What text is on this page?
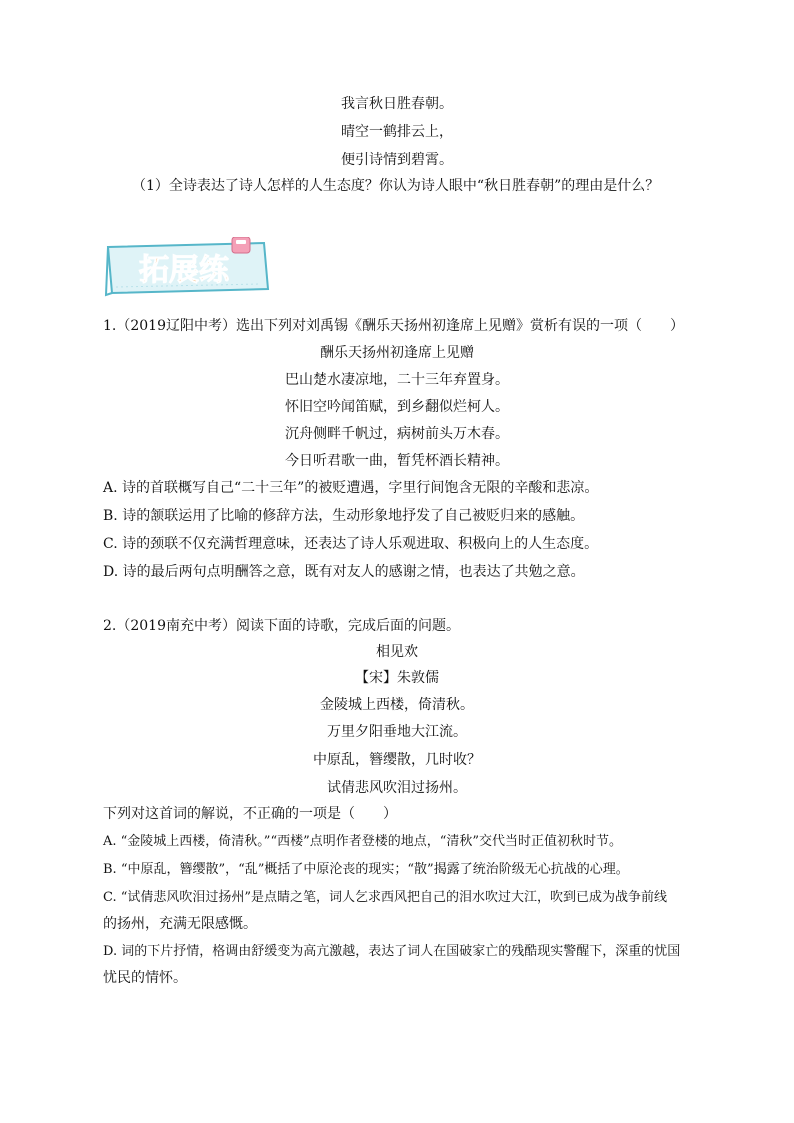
我言秋日胜春朝。
晴空一鹤排云上，
便引诗情到碧霄。
（1）全诗表达了诗人怎样的人生态度？你认为诗人眼中“秋日胜春朝”的理由是什么？
拓展练
1.（2019辽阳中考）选出下列对刘禹锡《酬乐天扬州初逢席上见赠》赏析有误的一项（　　）
酬乐天扬州初逢席上见赠
巴山楚水凄凉地，二十三年弃置身。
怀旧空吟闻笛赋，到乡翻似烂柯人。
沉舟侧畔千帆过，病树前头万木春。
今日听君歌一曲，暂凭杯酒长精神。
A. 诗的首联概写自己“二十三年”的被贬遭遇，字里行间饱含无限的辛酸和悲凉。
B. 诗的颔联运用了比喻的修辞方法，生动形象地抒发了自己被贬归来的感触。
C. 诗的颈联不仅充满哲理意味，还表达了诗人乐观进取、积极向上的人生态度。
D. 诗的最后两句点明酬答之意，既有对友人的感谢之情，也表达了共勉之意。
2.（2019南充中考）阅读下面的诗歌，完成后面的问题。
相见欢
【宋】朱敦儒
金陵城上西楼，倚清秋。
万里夕阳垂地大江流。
中原乱，簪缨散，几时收？
试倩悲风吹泪过扬州。
下列对这首词的解说，不正确的一项是（　　）
A. “金陵城上西楼，倚清秋。”“西楼”点明作者登楼的地点，“清秋”交代当时正值初秋时节。
B. “中原乱，簪缨散”，“乱”概括了中原沦丧的现实；“散”揭露了统治阶级无心抗战的心理。
C. “试倩悲风吹泪过扬州”是点睛之笔，词人乞求西风把自己的泪水吹过大江，吹到已成为战争前线
的扬州，充满无限感慨。
D. 词的下片抒情，格调由舒缓变为高亢激越，表达了词人在国破家亡的残酷现实警醒下，深重的忧国
忧民的情怀。
